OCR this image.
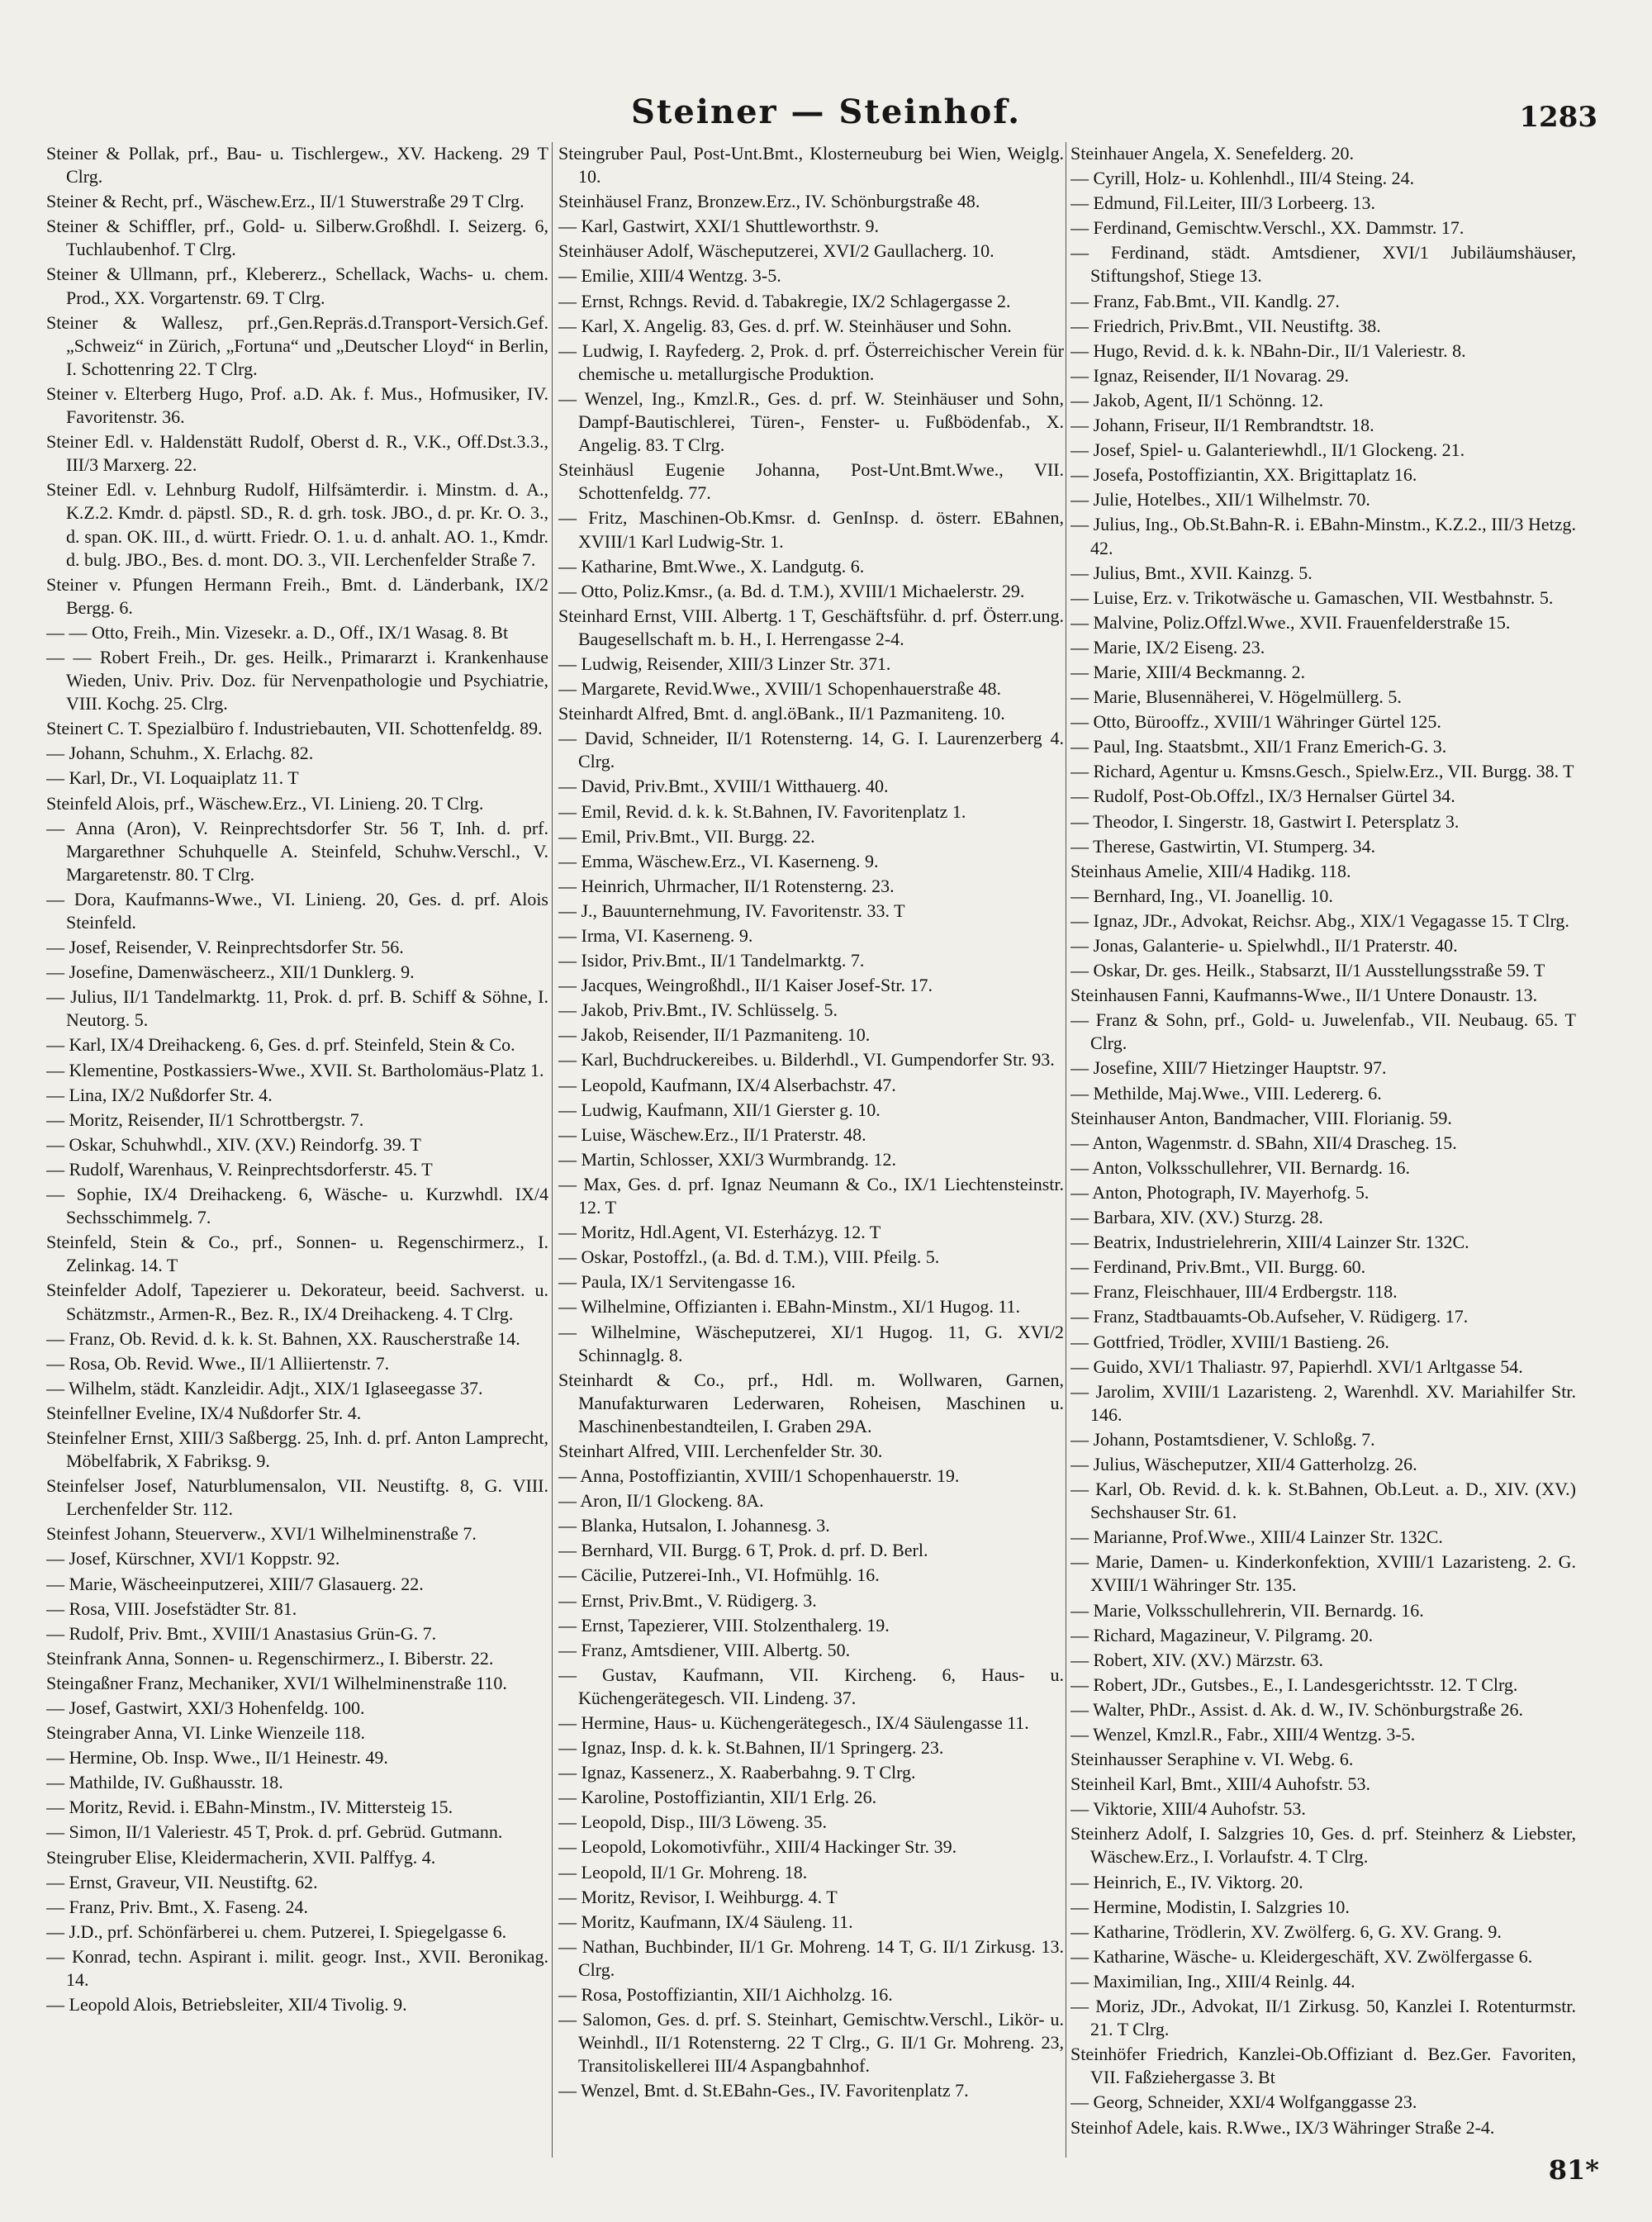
Steiner — Steinhof.	1283
Steiner & Pollak, prf., Bau- u. Tischlergew., XV. Hackeng. 29 T Clrg.
Steiner & Recht, prf., Wäschew.Erz., II/1 Stuwerstraße 29 T Clrg.
Steiner & Schiffler, prf., Gold- u. Silberw.Großhdl. I. Seizerg. 6, Tuchlaubenhof. T Clrg.
Steiner & Ullmann, prf., Klebererz., Schellack, Wachs- u. chem. Prod., XX. Vorgartenstr. 69. T Clrg.
Steiner & Wallesz, prf.,Gen.Repräs.d.Transport-Versich.Gef. „Schweiz“ in Zürich, „Fortuna“ und „Deutscher Lloyd“ in Berlin, I. Schottenring 22. T Clrg.
Steiner v. Elterberg Hugo, Prof. a.D. Ak. f. Mus., Hofmusiker, IV. Favoritenstr. 36.
Steiner Edl. v. Haldenstätt Rudolf, Oberst d. R., V.K., Off.Dst.3.3., III/3 Marxerg. 22.
Steiner Edl. v. Lehnburg Rudolf, Hilfsämterdir. i. Minstm. d. A., K.Z.2. Kmdr. d. päpstl. SD., R. d. grh. tosk. JBO., d. pr. Kr. O. 3., d. span. OK. III., d. württ. Friedr. O. 1. u. d. anhalt. AO. 1., Kmdr. d. bulg. JBO., Bes. d. mont. DO. 3., VII. Lerchenfelder Straße 7.
Steiner v. Pfungen Hermann Freih., Bmt. d. Länderbank, IX/2 Bergg. 6.
— — Otto, Freih., Min. Vizesekr. a. D., Off., IX/1 Wasag. 8. Bt
— — Robert Freih., Dr. ges. Heilk., Primararzt i. Krankenhause Wieden, Univ. Priv. Doz. für Nervenpathologie und Psychiatrie, VIII. Kochg. 25. Clrg.
Steinert C. T. Spezialbüro f. Industriebauten, VII. Schottenfeldg. 89.
— Johann, Schuhm., X. Erlachg. 82.
— Karl, Dr., VI. Loquaiplatz 11. T
Steinfeld Alois, prf., Wäschew.Erz., VI. Linieng. 20. T Clrg.
— Anna (Aron), V. Reinprechtsdorfer Str. 56 T, Inh. d. prf. Margarethner Schuhquelle A. Steinfeld, Schuhw.Verschl., V. Margaretenstr. 80. T Clrg.
— Dora, Kaufmanns-Wwe., VI. Linieng. 20, Ges. d. prf. Alois Steinfeld.
— Josef, Reisender, V. Reinprechtsdorfer Str. 56.
— Josefine, Damenwäscheerz., XII/1 Dunklerg. 9.
— Julius, II/1 Tandelmarktg. 11, Prok. d. prf. B. Schiff & Söhne, I. Neutorg. 5.
— Karl, IX/4 Dreihackeng. 6, Ges. d. prf. Steinfeld, Stein & Co.
— Klementine, Postkassiers-Wwe., XVII. St. Bartholomäus-Platz 1.
— Lina, IX/2 Nußdorfer Str. 4.
— Moritz, Reisender, II/1 Schrottbergstr. 7.
— Oskar, Schuhwhdl., XIV. (XV.) Reindorfg. 39. T
— Rudolf, Warenhaus, V. Reinprechtsdorferstr. 45. T
— Sophie, IX/4 Dreihackeng. 6, Wäsche- u. Kurzwhdl. IX/4 Sechsschimmelg. 7.
Steinfeld, Stein & Co., prf., Sonnen- u. Regenschirmerz., I. Zelinkag. 14. T
Steinfelder Adolf, Tapezierer u. Dekorateur, beeid. Sachverst. u. Schätzmstr., Armen-R., Bez. R., IX/4 Dreihackeng. 4. T Clrg.
— Franz, Ob. Revid. d. k. k. St. Bahnen, XX. Rauscherstraße 14.
— Rosa, Ob. Revid. Wwe., II/1 Alliiertenstr. 7.
— Wilhelm, städt. Kanzleidir. Adjt., XIX/1 Iglaseegasse 37.
Steinfellner Eveline, IX/4 Nußdorfer Str. 4.
Steinfelner Ernst, XIII/3 Saßbergg. 25, Inh. d. prf. Anton Lamprecht, Möbelfabrik, X Fabriksg. 9.
Steinfelser Josef, Naturblumensalon, VII. Neustiftg. 8, G. VIII. Lerchenfelder Str. 112.
Steinfest Johann, Steuerverw., XVI/1 Wilhelminenstraße 7.
— Josef, Kürschner, XVI/1 Koppstr. 92.
— Marie, Wäscheeinputzerei, XIII/7 Glasauerg. 22.
— Rosa, VIII. Josefstädter Str. 81.
— Rudolf, Priv. Bmt., XVIII/1 Anastasius Grün-G. 7.
Steinfrank Anna, Sonnen- u. Regenschirmerz., I. Biberstr. 22.
Steingaßner Franz, Mechaniker, XVI/1 Wilhelminenstraße 110.
— Josef, Gastwirt, XXI/3 Hohenfeldg. 100.
Steingraber Anna, VI. Linke Wienzeile 118.
— Hermine, Ob. Insp. Wwe., II/1 Heinestr. 49.
— Mathilde, IV. Gußhausstr. 18.
— Moritz, Revid. i. EBahn-Minstm., IV. Mittersteig 15.
— Simon, II/1 Valeriestr. 45 T, Prok. d. prf. Gebrüd. Gutmann.
Steingruber Elise, Kleidermacherin, XVII. Palffyg. 4.
— Ernst, Graveur, VII. Neustiftg. 62.
— Franz, Priv. Bmt., X. Faseng. 24.
— J.D., prf. Schönfärberei u. chem. Putzerei, I. Spiegelgasse 6.
— Konrad, techn. Aspirant i. milit. geogr. Inst., XVII. Beronikag. 14.
— Leopold Alois, Betriebsleiter, XII/4 Tivolig. 9.
Steingruber Paul, Post-Unt.Bmt., Klosterneuburg bei Wien, Weiglg. 10.
Steinhäusel Franz, Bronzew.Erz., IV. Schönburgstraße 48.
— Karl, Gastwirt, XXI/1 Shuttleworthstr. 9.
Steinhäuser Adolf, Wäscheputzerei, XVI/2 Gaullacherg. 10.
— Emilie, XIII/4 Wentzg. 3-5.
— Ernst, Rchngs. Revid. d. Tabakregie, IX/2 Schlagergasse 2.
— Karl, X. Angelig. 83, Ges. d. prf. W. Steinhäuser und Sohn.
— Ludwig, I. Rayfederg. 2, Prok. d. prf. Österreichischer Verein für chemische u. metallurgische Produktion.
— Wenzel, Ing., Kmzl.R., Ges. d. prf. W. Steinhäuser und Sohn, Dampf-Bautischlerei, Türen-, Fenster- u. Fußbödenfab., X. Angelig. 83. T Clrg.
Steinhäusl Eugenie Johanna, Post-Unt.Bmt.Wwe., VII. Schottenfeldg. 77.
— Fritz, Maschinen-Ob.Kmsr. d. GenInsp. d. österr. EBahnen, XVIII/1 Karl Ludwig-Str. 1.
— Katharine, Bmt.Wwe., X. Landgutg. 6.
— Otto, Poliz.Kmsr., (a. Bd. d. T.M.), XVIII/1 Michaelerstr. 29.
Steinhard Ernst, VIII. Albertg. 1 T, Geschäftsführ. d. prf. Österr.ung. Baugesellschaft m. b. H., I. Herrengasse 2-4.
— Ludwig, Reisender, XIII/3 Linzer Str. 371.
— Margarete, Revid.Wwe., XVIII/1 Schopenhauerstraße 48.
Steinhardt Alfred, Bmt. d. angl.öBank., II/1 Pazmaniteng. 10.
— David, Schneider, II/1 Rotensterng. 14, G. I. Laurenzerberg 4. Clrg.
— David, Priv.Bmt., XVIII/1 Witthauerg. 40.
— Emil, Revid. d. k. k. St.Bahnen, IV. Favoritenplatz 1.
— Emil, Priv.Bmt., VII. Burgg. 22.
— Emma, Wäschew.Erz., VI. Kaserneng. 9.
— Heinrich, Uhrmacher, II/1 Rotensterng. 23.
— J., Bauunternehmung, IV. Favoritenstr. 33. T
— Irma, VI. Kaserneng. 9.
— Isidor, Priv.Bmt., II/1 Tandelmarktg. 7.
— Jacques, Weingroßhdl., II/1 Kaiser Josef-Str. 17.
— Jakob, Priv.Bmt., IV. Schlüsselg. 5.
— Jakob, Reisender, II/1 Pazmaniteng. 10.
— Karl, Buchdruckereibes. u. Bilderhdl., VI. Gumpendorfer Str. 93.
— Leopold, Kaufmann, IX/4 Alserbachstr. 47.
— Ludwig, Kaufmann, XII/1 Gierster g. 10.
— Luise, Wäschew.Erz., II/1 Praterstr. 48.
— Martin, Schlosser, XXI/3 Wurmbrandg. 12.
— Max, Ges. d. prf. Ignaz Neumann & Co., IX/1 Liechtensteinstr. 12. T
— Moritz, Hdl.Agent, VI. Esterházyg. 12. T
— Oskar, Postoffzl., (a. Bd. d. T.M.), VIII. Pfeilg. 5.
— Paula, IX/1 Servitengasse 16.
— Wilhelmine, Offizianten i. EBahn-Minstm., XI/1 Hugog. 11.
— Wilhelmine, Wäscheputzerei, XI/1 Hugog. 11, G. XVI/2 Schinnaglg. 8.
Steinhardt & Co., prf., Hdl. m. Wollwaren, Garnen, Manufakturwaren Lederwaren, Roheisen, Maschinen u. Maschinenbestandteilen, I. Graben 29A.
Steinhart Alfred, VIII. Lerchenfelder Str. 30.
— Anna, Postoffiziantin, XVIII/1 Schopenhauerstr. 19.
— Aron, II/1 Glockeng. 8A.
— Blanka, Hutsalon, I. Johannesg. 3.
— Bernhard, VII. Burgg. 6 T, Prok. d. prf. D. Berl.
— Cäcilie, Putzerei-Inh., VI. Hofmühlg. 16.
— Ernst, Priv.Bmt., V. Rüdigerg. 3.
— Ernst, Tapezierer, VIII. Stolzenthalerg. 19.
— Franz, Amtsdiener, VIII. Albertg. 50.
— Gustav, Kaufmann, VII. Kircheng. 6, Haus- u. Küchengerätegesch. VII. Lindeng. 37.
— Hermine, Haus- u. Küchengerätegesch., IX/4 Säulengasse 11.
— Ignaz, Insp. d. k. k. St.Bahnen, II/1 Springerg. 23.
— Ignaz, Kassenerz., X. Raaberbahng. 9. T Clrg.
— Karoline, Postoffiziantin, XII/1 Erlg. 26.
— Leopold, Disp., III/3 Löweng. 35.
— Leopold, Lokomotivführ., XIII/4 Hackinger Str. 39.
— Leopold, II/1 Gr. Mohreng. 18.
— Moritz, Revisor, I. Weihburgg. 4. T
— Moritz, Kaufmann, IX/4 Säuleng. 11.
— Nathan, Buchbinder, II/1 Gr. Mohreng. 14 T, G. II/1 Zirkusg. 13. Clrg.
— Rosa, Postoffiziantin, XII/1 Aichholzg. 16.
— Salomon, Ges. d. prf. S. Steinhart, Gemischtw.Verschl., Likör- u. Weinhdl., II/1 Rotensterng. 22 T Clrg., G. II/1 Gr. Mohreng. 23, Transitoliskellerei III/4 Aspangbahnhof.
— Wenzel, Bmt. d. St.EBahn-Ges., IV. Favoritenplatz 7.
Steinhauer Angela, X. Senefelderg. 20.
— Cyrill, Holz- u. Kohlenhdl., III/4 Steing. 24.
— Edmund, Fil.Leiter, III/3 Lorbeerg. 13.
— Ferdinand, Gemischtw.Verschl., XX. Dammstr. 17.
— Ferdinand, städt. Amtsdiener, XVI/1 Jubiläumshäuser, Stiftungshof, Stiege 13.
— Franz, Fab.Bmt., VII. Kandlg. 27.
— Friedrich, Priv.Bmt., VII. Neustiftg. 38.
— Hugo, Revid. d. k. k. NBahn-Dir., II/1 Valeriestr. 8.
— Ignaz, Reisender, II/1 Novarag. 29.
— Jakob, Agent, II/1 Schönng. 12.
— Johann, Friseur, II/1 Rembrandtstr. 18.
— Josef, Spiel- u. Galanteriewhdl., II/1 Glockeng. 21.
— Josefa, Postoffiziantin, XX. Brigittaplatz 16.
— Julie, Hotelbes., XII/1 Wilhelmstr. 70.
— Julius, Ing., Ob.St.Bahn-R. i. EBahn-Minstm., K.Z.2., III/3 Hetzg. 42.
— Julius, Bmt., XVII. Kainzg. 5.
— Luise, Erz. v. Trikotwäsche u. Gamaschen, VII. Westbahnstr. 5.
— Malvine, Poliz.Offzl.Wwe., XVII. Frauenfelderstraße 15.
— Marie, IX/2 Eiseng. 23.
— Marie, XIII/4 Beckmanng. 2.
— Marie, Blusennäherei, V. Högelmüllerg. 5.
— Otto, Bürooffz., XVIII/1 Währinger Gürtel 125.
— Paul, Ing. Staatsbmt., XII/1 Franz Emerich-G. 3.
— Richard, Agentur u. Kmsns.Gesch., Spielw.Erz., VII. Burgg. 38. T
— Rudolf, Post-Ob.Offzl., IX/3 Hernalser Gürtel 34.
— Theodor, I. Singerstr. 18, Gastwirt I. Petersplatz 3.
— Therese, Gastwirtin, VI. Stumperg. 34.
Steinhaus Amelie, XIII/4 Hadikg. 118.
— Bernhard, Ing., VI. Joanellig. 10.
— Ignaz, JDr., Advokat, Reichsr. Abg., XIX/1 Vegagasse 15. T Clrg.
— Jonas, Galanterie- u. Spielwhdl., II/1 Praterstr. 40.
— Oskar, Dr. ges. Heilk., Stabsarzt, II/1 Ausstellungsstraße 59. T
Steinhausen Fanni, Kaufmanns-Wwe., II/1 Untere Donaustr. 13.
— Franz & Sohn, prf., Gold- u. Juwelenfab., VII. Neubaug. 65. T Clrg.
— Josefine, XIII/7 Hietzinger Hauptstr. 97.
— Methilde, Maj.Wwe., VIII. Ledererg. 6.
Steinhauser Anton, Bandmacher, VIII. Florianig. 59.
— Anton, Wagenmstr. d. SBahn, XII/4 Drascheg. 15.
— Anton, Volksschullehrer, VII. Bernardg. 16.
— Anton, Photograph, IV. Mayerhofg. 5.
— Barbara, XIV. (XV.) Sturzg. 28.
— Beatrix, Industrielehrerin, XIII/4 Lainzer Str. 132C.
— Ferdinand, Priv.Bmt., VII. Burgg. 60.
— Franz, Fleischhauer, III/4 Erdbergstr. 118.
— Franz, Stadtbauamts-Ob.Aufseher, V. Rüdigerg. 17.
— Gottfried, Trödler, XVIII/1 Bastieng. 26.
— Guido, XVI/1 Thaliastr. 97, Papierhdl. XVI/1 Arltgasse 54.
— Jarolim, XVIII/1 Lazaristeng. 2, Warenhdl. XV. Mariahilfer Str. 146.
— Johann, Postamtsdiener, V. Schloßg. 7.
— Julius, Wäscheputzer, XII/4 Gatterholzg. 26.
— Karl, Ob. Revid. d. k. k. St.Bahnen, Ob.Leut. a. D., XIV. (XV.) Sechshauser Str. 61.
— Marianne, Prof.Wwe., XIII/4 Lainzer Str. 132C.
— Marie, Damen- u. Kinderkonfektion, XVIII/1 Lazaristeng. 2. G. XVIII/1 Währinger Str. 135.
— Marie, Volksschullehrerin, VII. Bernardg. 16.
— Richard, Magazineur, V. Pilgramg. 20.
— Robert, XIV. (XV.) Märzstr. 63.
— Robert, JDr., Gutsbes., E., I. Landesgerichtsstr. 12. T Clrg.
— Walter, PhDr., Assist. d. Ak. d. W., IV. Schönburgstraße 26.
— Wenzel, Kmzl.R., Fabr., XIII/4 Wentzg. 3-5.
Steinhausser Seraphine v. VI. Webg. 6.
Steinheil Karl, Bmt., XIII/4 Auhofstr. 53.
— Viktorie, XIII/4 Auhofstr. 53.
Steinherz Adolf, I. Salzgries 10, Ges. d. prf. Steinherz & Liebster, Wäschew.Erz., I. Vorlaufstr. 4. T Clrg.
— Heinrich, E., IV. Viktorg. 20.
— Hermine, Modistin, I. Salzgries 10.
— Katharine, Trödlerin, XV. Zwölferg. 6, G. XV. Grang. 9.
— Katharine, Wäsche- u. Kleidergeschäft, XV. Zwölfergasse 6.
— Maximilian, Ing., XIII/4 Reinlg. 44.
— Moriz, JDr., Advokat, II/1 Zirkusg. 50, Kanzlei I. Rotenturmstr. 21. T Clrg.
Steinhöfer Friedrich, Kanzlei-Ob.Offiziant d. Bez.Ger. Favoriten, VII. Faßziehergasse 3. Bt
— Georg, Schneider, XXI/4 Wolfganggasse 23.
Steinhof Adele, kais. R.Wwe., IX/3 Währinger Straße 2-4.
81*
